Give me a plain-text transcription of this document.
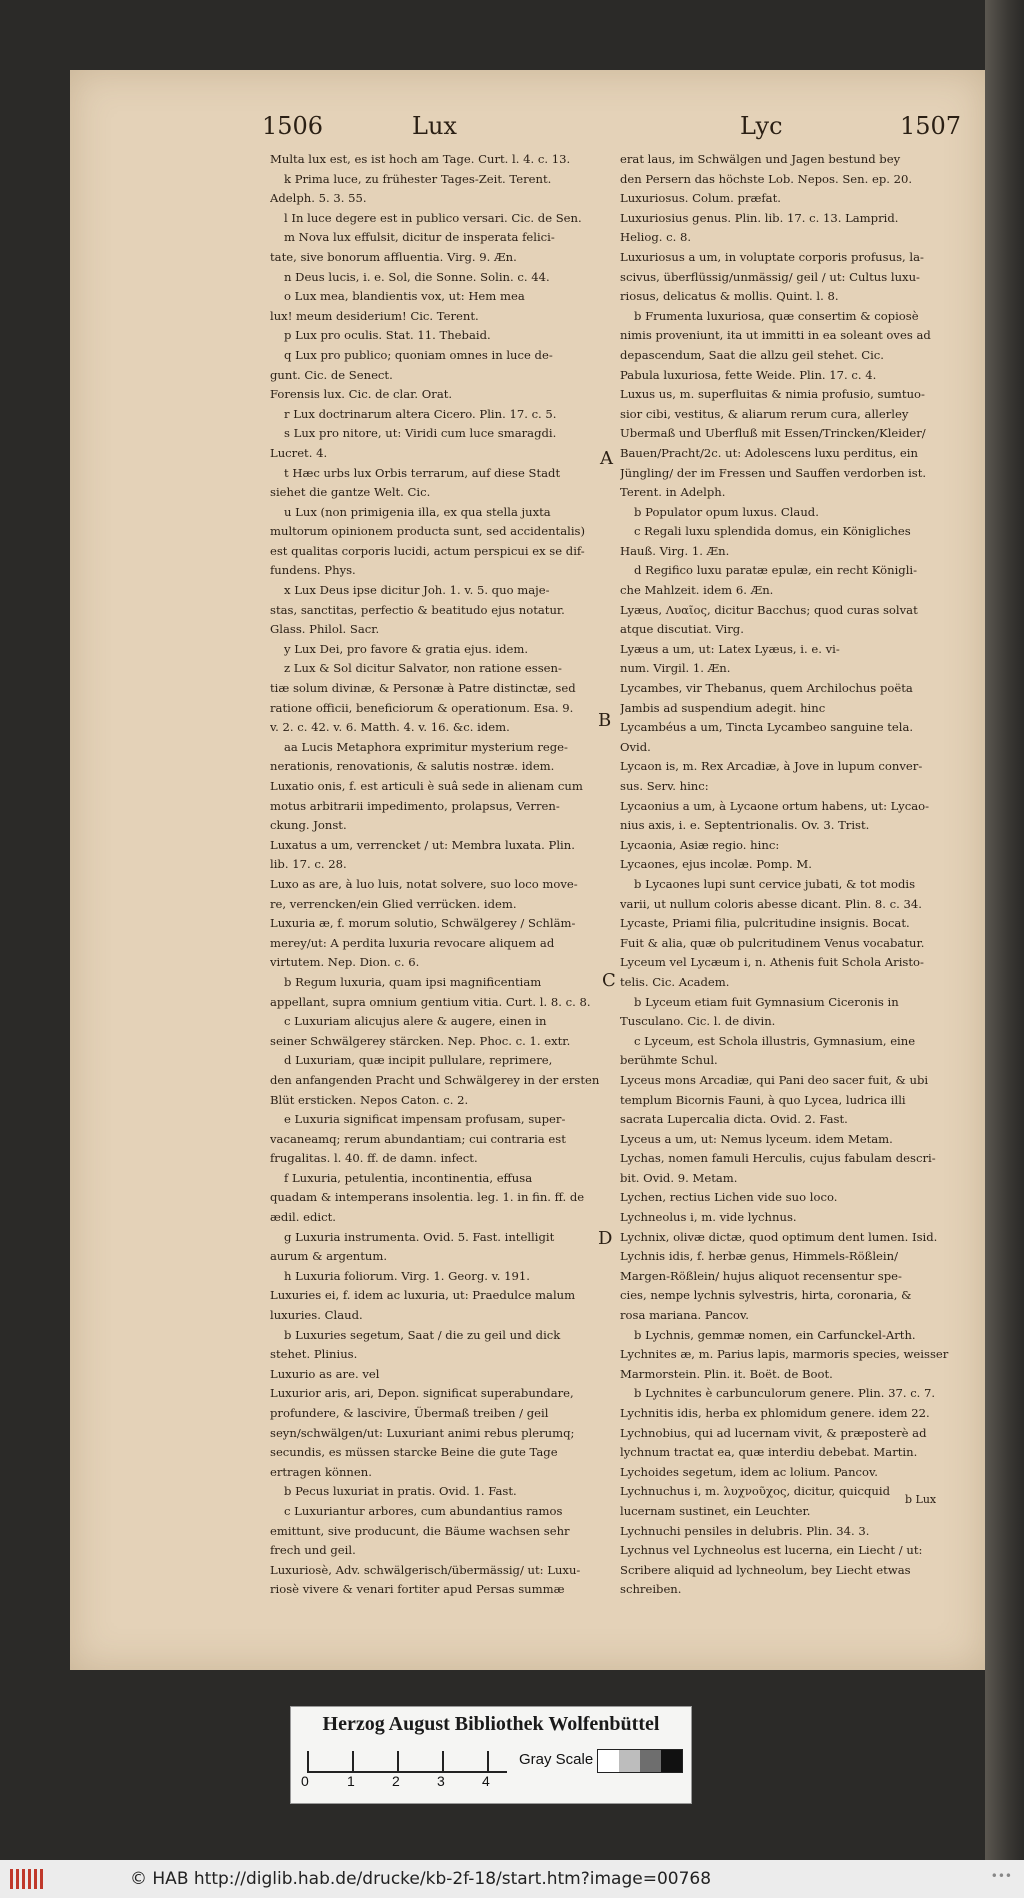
1506	Lux	Lyc	1507
Multa lux est, es ist hoch am Tage. Curt. l. 4. c. 13.
k Prima luce, zu frühester Tages-Zeit. Terent.
Adelph. 5. 3. 55.
l In luce degere est in publico versari. Cic. de Sen.
m Nova lux effulsit, dicitur de insperata felici-
tate, sive bonorum affluentia. Virg. 9. Æn.
n Deus lucis, i. e. Sol, die Sonne. Solin. c. 44.
o Lux mea, blandientis vox, ut: Hem mea
lux! meum desiderium! Cic. Terent.
p Lux pro oculis. Stat. 11. Thebaid.
q Lux pro publico; quoniam omnes in luce de-
gunt. Cic. de Senect.
Forensis lux. Cic. de clar. Orat.
r Lux doctrinarum altera Cicero. Plin. 17. c. 5.
s Lux pro nitore, ut: Viridi cum luce smaragdi.
Lucret. 4.
t Hæc urbs lux Orbis terrarum, auf diese Stadt
siehet die gantze Welt. Cic.
u Lux (non primigenia illa, ex qua stella juxta
multorum opinionem producta sunt, sed accidentalis)
est qualitas corporis lucidi, actum perspicui ex se dif-
fundens. Phys.
x Lux Deus ipse dicitur Joh. 1. v. 5. quo maje-
stas, sanctitas, perfectio & beatitudo ejus notatur.
Glass. Philol. Sacr.
y Lux Dei, pro favore & gratia ejus. idem.
z Lux & Sol dicitur Salvator, non ratione essen-
tiæ solum divinæ, & Personæ à Patre distinctæ, sed
ratione officii, beneficiorum & operationum. Esa. 9.
v. 2. c. 42. v. 6. Matth. 4. v. 16. &c. idem.
aa Lucis Metaphora exprimitur mysterium rege-
nerationis, renovationis, & salutis nostræ. idem.
Luxatio onis, f. est articuli è suâ sede in alienam cum
motus arbitrarii impedimento, prolapsus, Verren-
ckung. Jonst.
Luxatus a um, verrencket / ut: Membra luxata. Plin.
lib. 17. c. 28.
Luxo as are, à luo luis, notat solvere, suo loco move-
re, verrencken/ein Glied verrücken. idem.
Luxuria æ, f. morum solutio, Schwälgerey / Schläm-
merey/ut: A perdita luxuria revocare aliquem ad
virtutem. Nep. Dion. c. 6.
b Regum luxuria, quam ipsi magnificentiam
appellant, supra omnium gentium vitia. Curt. l. 8. c. 8.
c Luxuriam alicujus alere & augere, einen in
seiner Schwälgerey stärcken. Nep. Phoc. c. 1. extr.
d Luxuriam, quæ incipit pullulare, reprimere,
den anfangenden Pracht und Schwälgerey in der ersten
Blüt ersticken. Nepos Caton. c. 2.
e Luxuria significat impensam profusam, super-
vacaneamq; rerum abundantiam; cui contraria est
frugalitas. l. 40. ff. de damn. infect.
f Luxuria, petulentia, incontinentia, effusa
quadam & intemperans insolentia. leg. 1. in fin. ff. de
ædil. edict.
g Luxuria instrumenta. Ovid. 5. Fast. intelligit
aurum & argentum.
h Luxuria foliorum. Virg. 1. Georg. v. 191.
Luxuries ei, f. idem ac luxuria, ut: Praedulce malum
luxuries. Claud.
b Luxuries segetum, Saat / die zu geil und dick
stehet. Plinius.
Luxurio as are. vel
Luxurior aris, ari, Depon. significat superabundare,
profundere, & lascivire, Übermaß treiben / geil
seyn/schwälgen/ut: Luxuriant animi rebus plerumq;
secundis, es müssen starcke Beine die gute Tage
ertragen können.
b Pecus luxuriat in pratis. Ovid. 1. Fast.
c Luxuriantur arbores, cum abundantius ramos
emittunt, sive producunt, die Bäume wachsen sehr
frech und geil.
Luxuriosè, Adv. schwälgerisch/übermässig/ ut: Luxu-
riosè vivere & venari fortiter apud Persas summæ
erat laus, im Schwälgen und Jagen bestund bey
den Persern das höchste Lob. Nepos. Sen. ep. 20.
Luxuriosus. Colum. præfat.
Luxuriosius genus. Plin. lib. 17. c. 13. Lamprid.
Heliog. c. 8.
Luxuriosus a um, in voluptate corporis profusus, la-
scivus, überflüssig/unmässig/ geil / ut: Cultus luxu-
riosus, delicatus & mollis. Quint. l. 8.
b Frumenta luxuriosa, quæ consertim & copiosè
nimis proveniunt, ita ut immitti in ea soleant oves ad
depascendum, Saat die allzu geil stehet. Cic.
Pabula luxuriosa, fette Weide. Plin. 17. c. 4.
Luxus us, m. superfluitas & nimia profusio, sumtuo-
sior cibi, vestitus, & aliarum rerum cura, allerley
Ubermaß und Uberfluß mit Essen/Trincken/Kleider/
Bauen/Pracht/2c. ut: Adolescens luxu perditus, ein
Jüngling/ der im Fressen und Sauffen verdorben ist.
Terent. in Adelph.
b Populator opum luxus. Claud.
c Regali luxu splendida domus, ein Königliches
Hauß. Virg. 1. Æn.
d Regifico luxu paratæ epulæ, ein recht Königli-
che Mahlzeit. idem 6. Æn.
Lyæus, Λυαῖος, dicitur Bacchus; quod curas solvat
atque discutiat. Virg.
Lyæus a um, ut: Latex Lyæus, i. e. vi-
num. Virgil. 1. Æn.
Lycambes, vir Thebanus, quem Archilochus poëta
Jambis ad suspendium adegit. hinc
Lycambéus a um, Tincta Lycambeo sanguine tela.
Ovid.
Lycaon is, m. Rex Arcadiæ, à Jove in lupum conver-
sus. Serv. hinc:
Lycaonius a um, à Lycaone ortum habens, ut: Lycao-
nius axis, i. e. Septentrionalis. Ov. 3. Trist.
Lycaonia, Asiæ regio. hinc:
Lycaones, ejus incolæ. Pomp. M.
b Lycaones lupi sunt cervice jubati, & tot modis
varii, ut nullum coloris abesse dicant. Plin. 8. c. 34.
Lycaste, Priami filia, pulcritudine insignis. Bocat.
Fuit & alia, quæ ob pulcritudinem Venus vocabatur.
Lyceum vel Lycæum i, n. Athenis fuit Schola Aristo-
telis. Cic. Academ.
b Lyceum etiam fuit Gymnasium Ciceronis in
Tusculano. Cic. l. de divin.
c Lyceum, est Schola illustris, Gymnasium, eine
berühmte Schul.
Lyceus mons Arcadiæ, qui Pani deo sacer fuit, & ubi
templum Bicornis Fauni, à quo Lycea, ludrica illi
sacrata Lupercalia dicta. Ovid. 2. Fast.
Lyceus a um, ut: Nemus lyceum. idem Metam.
Lychas, nomen famuli Herculis, cujus fabulam descri-
bit. Ovid. 9. Metam.
Lychen, rectius Lichen vide suo loco.
Lychneolus i, m. vide lychnus.
Lychnix, olivæ dictæ, quod optimum dent lumen. Isid.
Lychnis idis, f. herbæ genus, Himmels-Rößlein/
Margen-Rößlein/ hujus aliquot recensentur spe-
cies, nempe lychnis sylvestris, hirta, coronaria, &
rosa mariana. Pancov.
b Lychnis, gemmæ nomen, ein Carfunckel-Arth.
Lychnites æ, m. Parius lapis, marmoris species, weisser
Marmorstein. Plin. it. Boët. de Boot.
b Lychnites è carbunculorum genere. Plin. 37. c. 7.
Lychnitis idis, herba ex phlomidum genere. idem 22.
Lychnobius, qui ad lucernam vivit, & præposterè ad
lychnum tractat ea, quæ interdiu debebat. Martin.
Lychoides segetum, idem ac lolium. Pancov.
Lychnuchus i, m. λυχνοῦχος, dicitur, quicquid
lucernam sustinet, ein Leuchter.
Lychnuchi pensiles in delubris. Plin. 34. 3.
Lychnus vel Lychneolus est lucerna, ein Liecht / ut:
Scribere aliquid ad lychneolum, bey Liecht etwas
schreiben.
A
B
C
D
b Lux
Herzog August Bibliothek Wolfenbüttel
0	1	2	3	4
Gray Scale
© HAB http://diglib.hab.de/drucke/kb-2f-18/start.htm?image=00768	•••
